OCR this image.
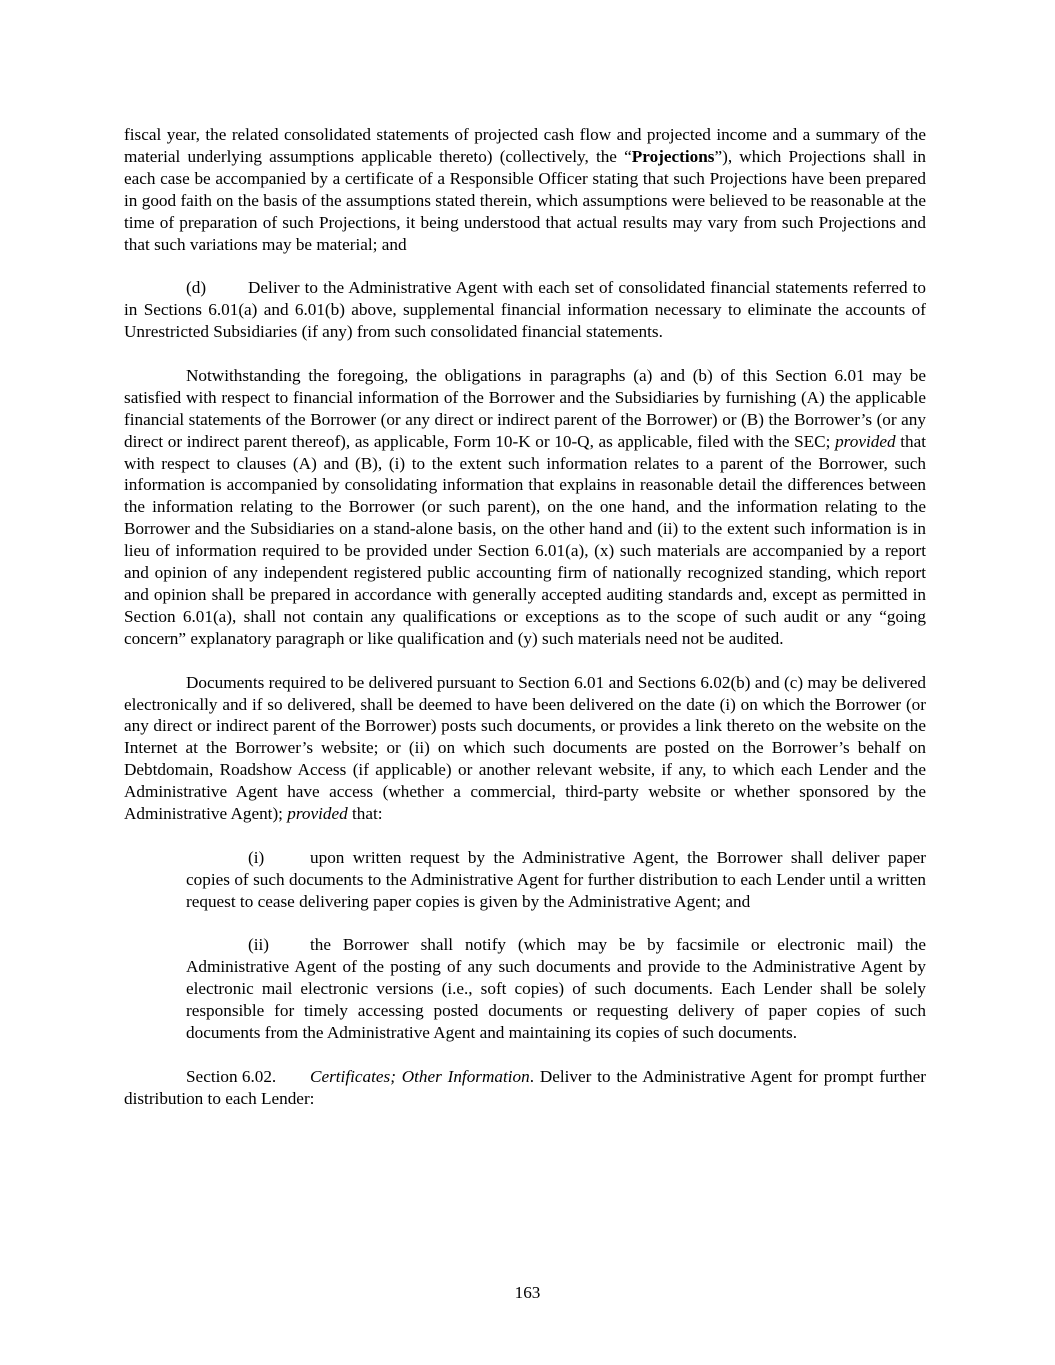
fiscal year, the related consolidated statements of projected cash flow and projected income and a summary of the material underlying assumptions applicable thereto) (collectively, the “Projections”), which Projections shall in each case be accompanied by a certificate of a Responsible Officer stating that such Projections have been prepared in good faith on the basis of the assumptions stated therein, which assumptions were believed to be reasonable at the time of preparation of such Projections, it being understood that actual results may vary from such Projections and that such variations may be material; and

(d) Deliver to the Administrative Agent with each set of consolidated financial statements referred to in Sections 6.01(a) and 6.01(b) above, supplemental financial information necessary to eliminate the accounts of Unrestricted Subsidiaries (if any) from such consolidated financial statements.

Notwithstanding the foregoing, the obligations in paragraphs (a) and (b) of this Section 6.01 may be satisfied with respect to financial information of the Borrower and the Subsidiaries by furnishing (A) the applicable financial statements of the Borrower (or any direct or indirect parent of the Borrower) or (B) the Borrower’s (or any direct or indirect parent thereof), as applicable, Form 10-K or 10-Q, as applicable, filed with the SEC; provided that with respect to clauses (A) and (B), (i) to the extent such information relates to a parent of the Borrower, such information is accompanied by consolidating information that explains in reasonable detail the differences between the information relating to the Borrower (or such parent), on the one hand, and the information relating to the Borrower and the Subsidiaries on a stand-alone basis, on the other hand and (ii) to the extent such information is in lieu of information required to be provided under Section 6.01(a), (x) such materials are accompanied by a report and opinion of any independent registered public accounting firm of nationally recognized standing, which report and opinion shall be prepared in accordance with generally accepted auditing standards and, except as permitted in Section 6.01(a), shall not contain any qualifications or exceptions as to the scope of such audit or any “going concern” explanatory paragraph or like qualification and (y) such materials need not be audited.

Documents required to be delivered pursuant to Section 6.01 and Sections 6.02(b) and (c) may be delivered electronically and if so delivered, shall be deemed to have been delivered on the date (i) on which the Borrower (or any direct or indirect parent of the Borrower) posts such documents, or provides a link thereto on the website on the Internet at the Borrower’s website; or (ii) on which such documents are posted on the Borrower’s behalf on Debtdomain, Roadshow Access (if applicable) or another relevant website, if any, to which each Lender and the Administrative Agent have access (whether a commercial, third-party website or whether sponsored by the Administrative Agent); provided that:

(i)	upon written request by the Administrative Agent, the Borrower shall deliver paper copies of such documents to the Administrative Agent for further distribution to each Lender until a written request to cease delivering paper copies is given by the Administrative Agent; and

(ii) the Borrower shall notify (which may be by facsimile or electronic mail) the Administrative Agent of the posting of any such documents and provide to the Administrative Agent by electronic mail electronic versions (i.e., soft copies) of such documents. Each Lender shall be solely responsible for timely accessing posted documents or requesting delivery of paper copies of such documents from the Administrative Agent and maintaining its copies of such documents.

Section 6.02. Certificates; Other Information. Deliver to the Administrative Agent for prompt further distribution to each Lender:

163
